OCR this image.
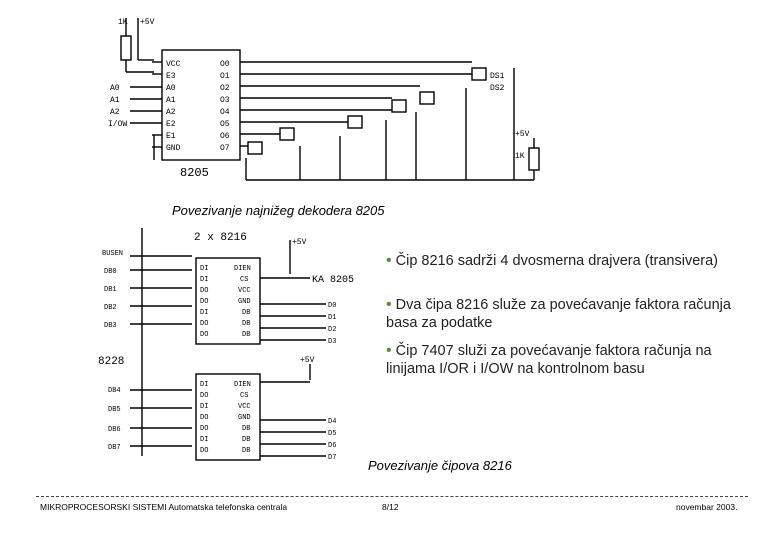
1K +5V
A0
A1
A2
I/OW
VCC
E3
A0
A1
A2
E2
E1
GND
O0
O1
O2
O3
O4
O5
O6
O7
DS1
DS2
+5V
1K
8205
Povezivanje najnižeg dekodera 8205
2 x 8216	+5V
KA 8205
BUSEN
DB0
DB1
DB2
DB3
8228
DB4
DB5
DB6
DB7
DI
DI
DO
DO
DI
DO
DO
DIEN
CS
VCC
GND
DB
DB
DB
DIEN
CS
VCC
GND
DB
DB
DB
DI
DO
DI
DO
DO
DI
DO
D0
D1
D2
D3
D4
D5
D6
D7
+5V
• Čip 8216 sadrži 4 dvosmerna drajvera (transivera)
• Dva čipa 8216 služe za povećavanje faktora računja basa za podatke
• Čip 7407 služi za povećavanje faktora računja na linijama I/OR i I/OW na kontrolnom basu
Povezivanje čipova 8216
MIKROPROCESORSKI SISTEMI Automatska telefonska centrala	8/12	novembar 2003.
